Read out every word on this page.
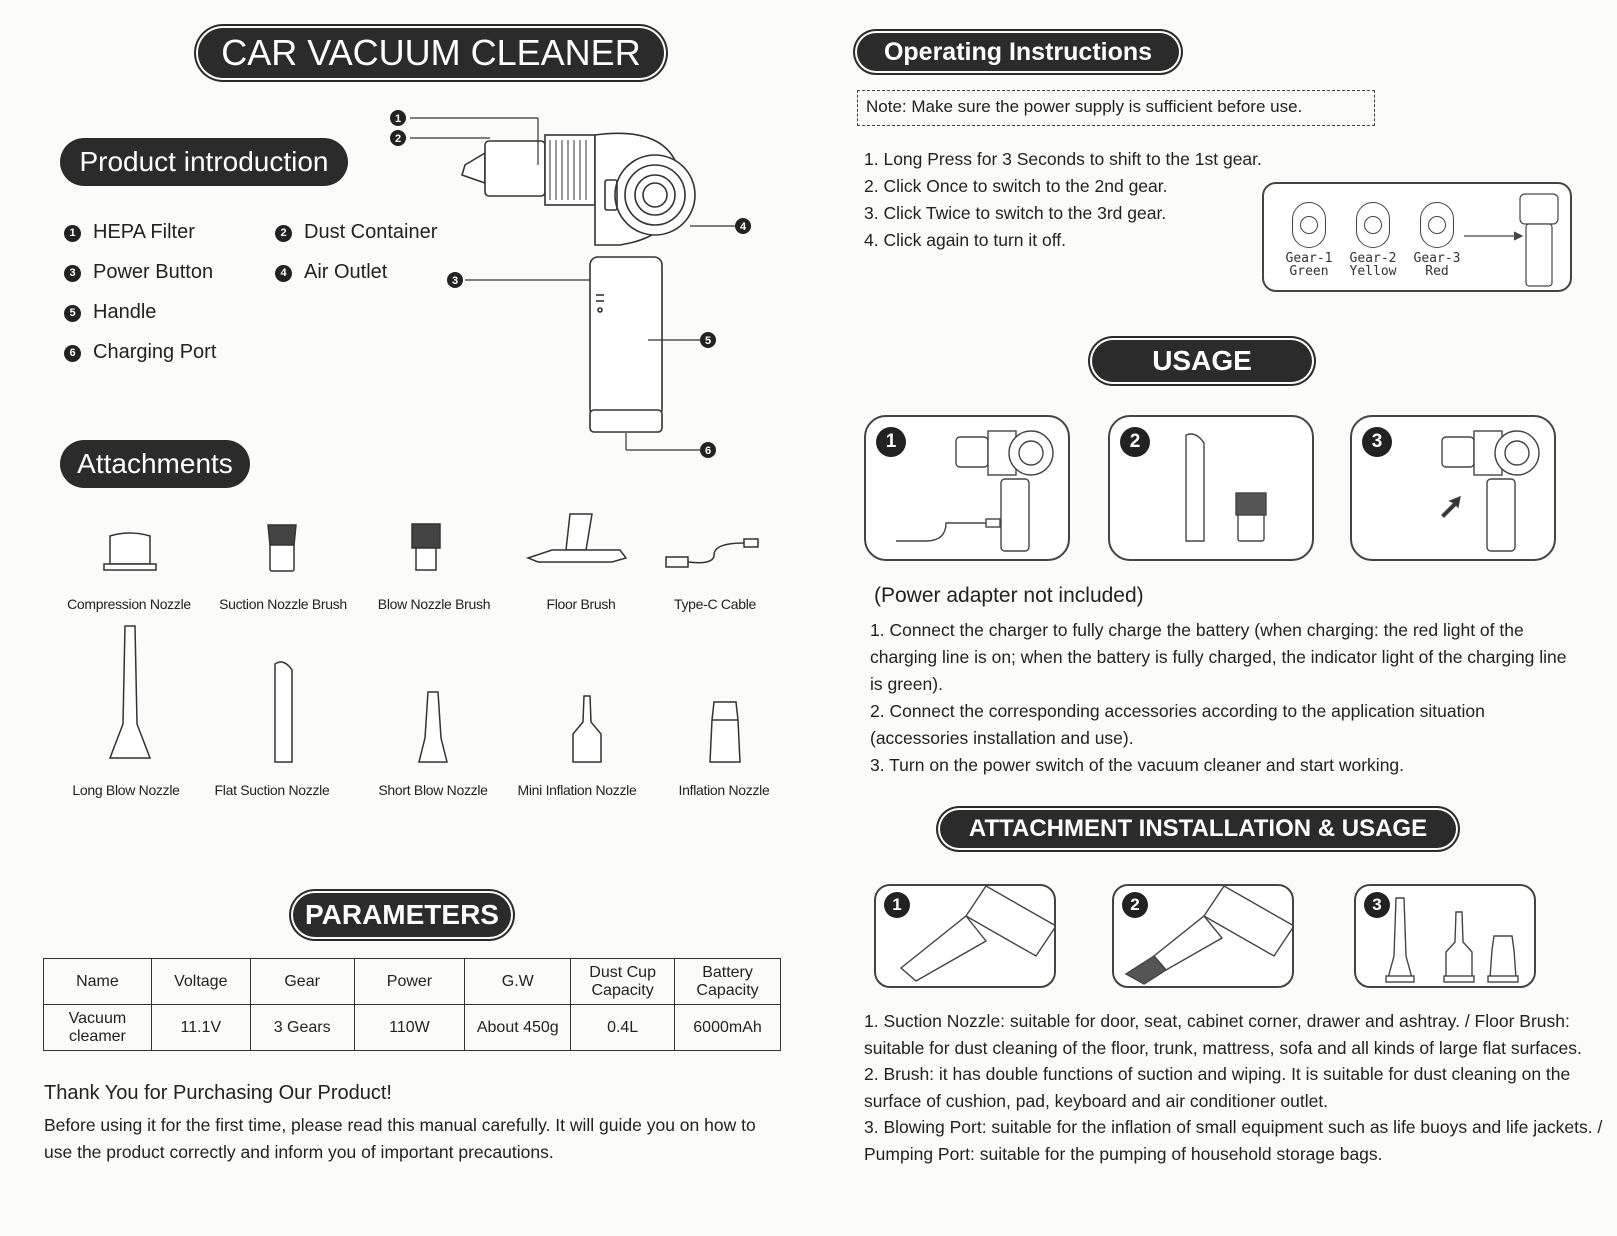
CAR VACUUM CLEANER
Product introduction
1 HEPA Filter	2 Dust Container
3 Power Button	4 Air Outlet
5 Handle
6 Charging Port
1
2
4
3
5
6
Attachments
Compression Nozzle Suction Nozzle Brush Blow Nozzle Brush	Floor Brush	Type-C Cable
Long Blow Nozzle Flat Suction Nozzle	Short Blow Nozzle Mini Inflation Nozzle	Inflation Nozzle
PARAMETERS
Name	Voltage	Gear	Power	G.W	Dust Cup Capacity	Battery Capacity
Vacuum cleamer	11.1V	3 Gears	110W	About 450g	0.4L	6000mAh
Thank You for Purchasing Our Product!
Before using it for the first time, please read this manual carefully. It will guide you on how to use the product correctly and inform you of important precautions.
Operating Instructions
Note: Make sure the power supply is sufficient before use.
1. Long Press for 3 Seconds to shift to the 1st gear.
2. Click Once to switch to the 2nd gear.
3. Click Twice to switch to the 3rd gear.
4. Click again to turn it off.
Gear-1
Green
Gear-2
Yellow
Gear-3
Red
USAGE
1	2	3
(Power adapter not included)
1. Connect the charger to fully charge the battery (when charging: the red light of the charging line is on; when the battery is fully charged, the indicator light of the charging line is green).
2. Connect the corresponding accessories according to the application situation (accessories installation and use).
3. Turn on the power switch of the vacuum cleaner and start working.
ATTACHMENT INSTALLATION & USAGE
1	2	3
1. Suction Nozzle: suitable for door, seat, cabinet corner, drawer and ashtray. / Floor Brush: suitable for dust cleaning of the floor, trunk, mattress, sofa and all kinds of large flat surfaces.
2. Brush: it has double functions of suction and wiping. It is suitable for dust cleaning on the surface of cushion, pad, keyboard and air conditioner outlet.
3. Blowing Port: suitable for the inflation of small equipment such as life buoys and life jackets. / Pumping Port: suitable for the pumping of household storage bags.
